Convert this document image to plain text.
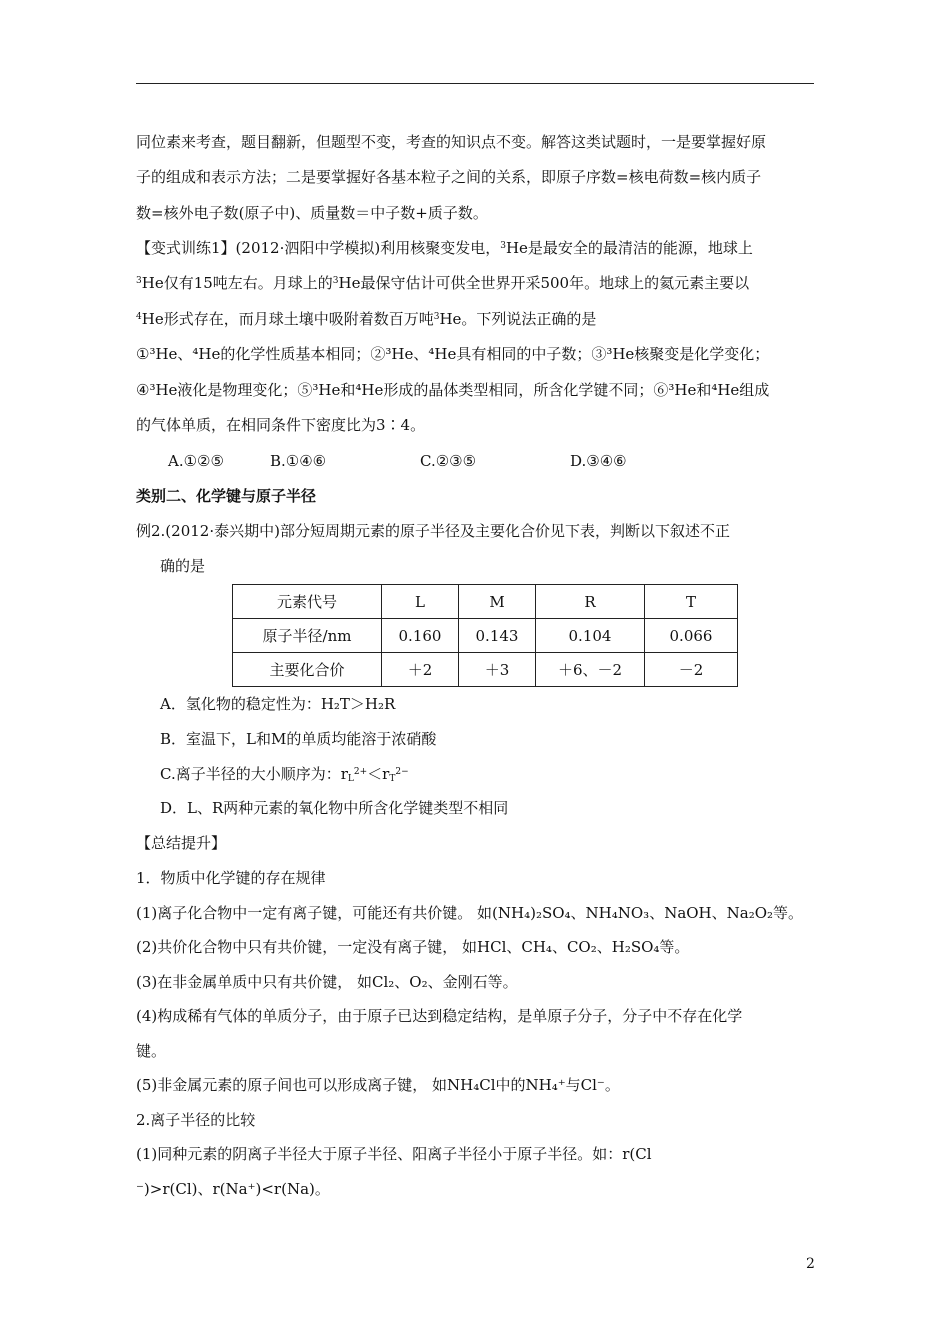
同位素来考查，题目翻新，但题型不变，考查的知识点不变。解答这类试题时，一是要掌握好原
子的组成和表示方法；二是要掌握好各基本粒子之间的关系，即原子序数=核电荷数=核内质子
数=核外电子数(原子中)、质量数＝中子数+质子数。
【变式训练1】(2012·泗阳中学模拟)利用核聚变发电，$^3$He是最安全的最清洁的能源，地球上
$^3$He仅有15吨左右。月球上的$^3$He最保守估计可供全世界开采500年。地球上的氦元素主要以
$^4$He形式存在，而月球土壤中吸附着数百万吨$^3$He。下列说法正确的是
①³He、⁴He的化学性质基本相同；②³He、⁴He具有相同的中子数；③³He核聚变是化学变化；
④³He液化是物理变化；⑤³He和⁴He形成的晶体类型相同，所含化学键不同；⑥³He和⁴He组成
的气体单质，在相同条件下密度比为3∶4。
A.①②⑤	B.①④⑥	C.②③⑤	D.③④⑥
类别二、化学键与原子半径
例2.(2012·泰兴期中)部分短周期元素的原子半径及主要化合价见下表，判断以下叙述不正
确的是
元素代号	L	M	R	T
原子半径/nm	0.160	0.143	0.104	0.066
主要化合价	＋2	＋3	＋6、－2	－2
A．氢化物的稳定性为：H₂T＞H₂R
B．室温下，L和M的单质均能溶于浓硝酸
C.离子半径的大小顺序为：$r_L^{2+}<r_T^{2-}$
D．L、R两种元素的氧化物中所含化学键类型不相同
【总结提升】
1．物质中化学键的存在规律
(1)离子化合物中一定有离子键，可能还有共价键。 如(NH₄)₂SO₄、NH₄NO₃、NaOH、Na₂O₂等。
(2)共价化合物中只有共价键，一定没有离子键， 如HCl、CH₄、CO₂、H₂SO₄等。
(3)在非金属单质中只有共价键， 如Cl₂、O₂、金刚石等。
(4)构成稀有气体的单质分子，由于原子已达到稳定结构，是单原子分子，分子中不存在化学
键。
(5)非金属元素的原子间也可以形成离子键， 如NH₄Cl中的NH₄⁺与Cl⁻。
2.离子半径的比较
(1)同种元素的阴离子半径大于原子半径、阳离子半径小于原子半径。如：r(Cl
⁻)>r(Cl)、r(Na⁺)<r(Na)。
2
